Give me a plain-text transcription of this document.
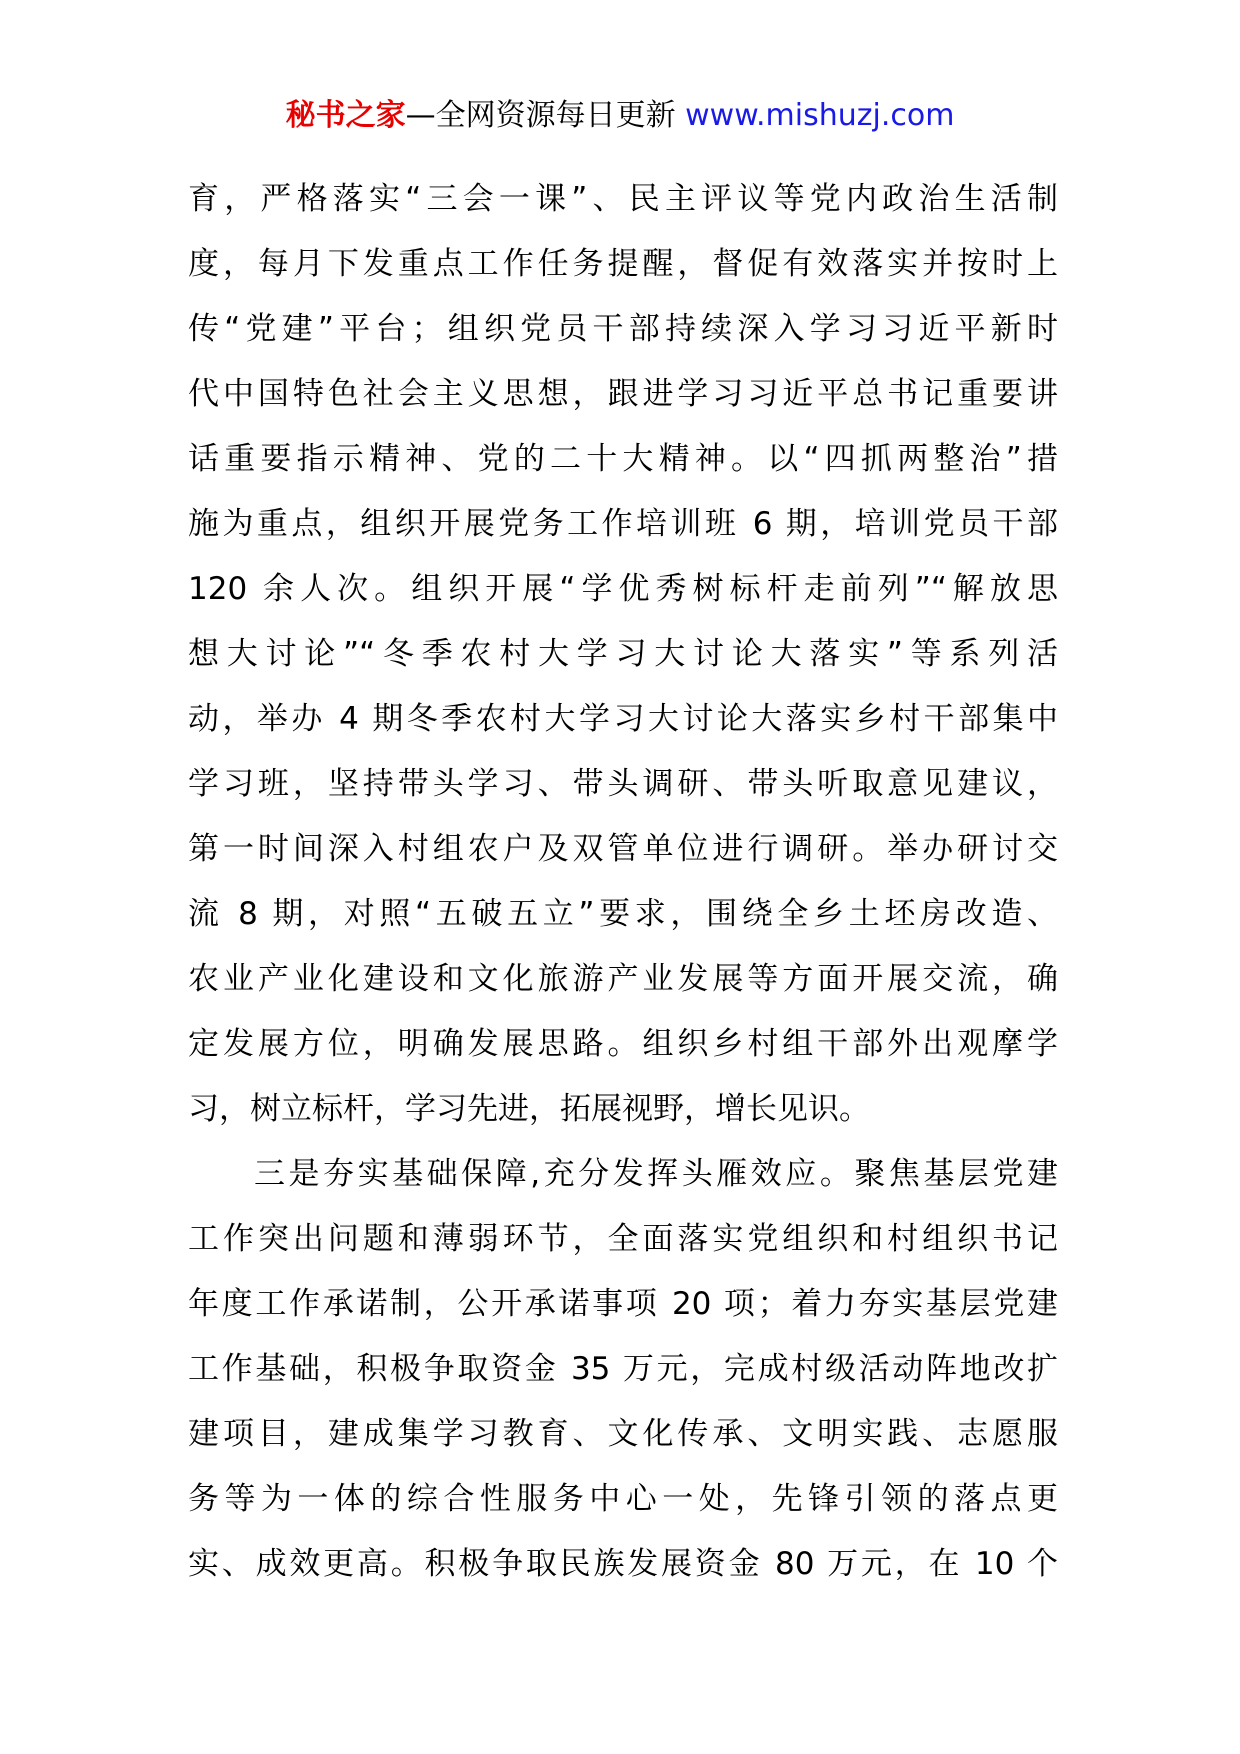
秘书之家—全网资源每日更新 www.mishuzj.com
育，严格落实“三会一课”、民主评议等党内政治生活制
度，每月下发重点工作任务提醒，督促有效落实并按时上
传“党建”平台；组织党员干部持续深入学习习近平新时
代中国特色社会主义思想，跟进学习习近平总书记重要讲
话重要指示精神、党的二十大精神。以“四抓两整治”措
施为重点，组织开展党务工作培训班 6 期，培训党员干部
120 余人次。组织开展“学优秀树标杆走前列”“解放思
想大讨论”“冬季农村大学习大讨论大落实”等系列活
动，举办 4 期冬季农村大学习大讨论大落实乡村干部集中
学习班，坚持带头学习、带头调研、带头听取意见建议，
第一时间深入村组农户及双管单位进行调研。举办研讨交
流 8 期，对照“五破五立”要求，围绕全乡土坯房改造、
农业产业化建设和文化旅游产业发展等方面开展交流，确
定发展方位，明确发展思路。组织乡村组干部外出观摩学
习，树立标杆，学习先进，拓展视野，增长见识。
三是夯实基础保障,充分发挥头雁效应。聚焦基层党建
工作突出问题和薄弱环节，全面落实党组织和村组织书记
年度工作承诺制，公开承诺事项 20 项；着力夯实基层党建
工作基础，积极争取资金 35 万元，完成村级活动阵地改扩
建项目，建成集学习教育、文化传承、文明实践、志愿服
务等为一体的综合性服务中心一处，先锋引领的落点更
实、成效更高。积极争取民族发展资金 80 万元，在 10 个
